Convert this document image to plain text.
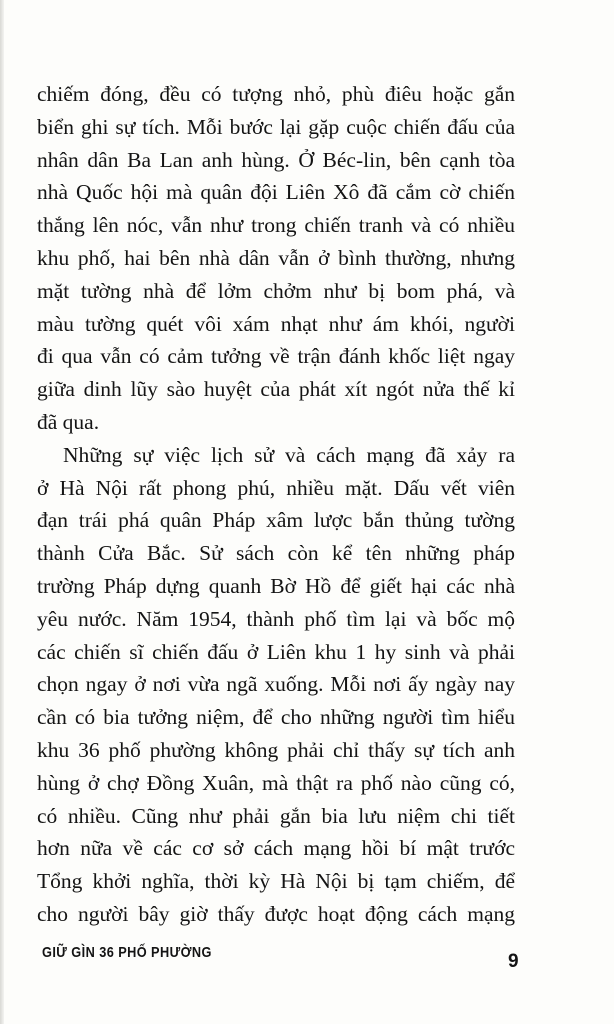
chiếm đóng, đều có tượng nhỏ, phù điêu hoặc gắn
biển ghi sự tích. Mỗi bước lại gặp cuộc chiến đấu của
nhân dân Ba Lan anh hùng. Ở Béc-lin, bên cạnh tòa
nhà Quốc hội mà quân đội Liên Xô đã cắm cờ chiến
thắng lên nóc, vẫn như trong chiến tranh và có nhiều
khu phố, hai bên nhà dân vẫn ở bình thường, nhưng
mặt tường nhà để lởm chởm như bị bom phá, và
màu tường quét vôi xám nhạt như ám khói, người
đi qua vẫn có cảm tưởng về trận đánh khốc liệt ngay
giữa dinh lũy sào huyệt của phát xít ngót nửa thế kỉ
đã qua.
Những sự việc lịch sử và cách mạng đã xảy ra
ở Hà Nội rất phong phú, nhiều mặt. Dấu vết viên
đạn trái phá quân Pháp xâm lược bắn thủng tường
thành Cửa Bắc. Sử sách còn kể tên những pháp
trường Pháp dựng quanh Bờ Hồ để giết hại các nhà
yêu nước. Năm 1954, thành phố tìm lại và bốc mộ
các chiến sĩ chiến đấu ở Liên khu 1 hy sinh và phải
chọn ngay ở nơi vừa ngã xuống. Mỗi nơi ấy ngày nay
cần có bia tưởng niệm, để cho những người tìm hiểu
khu 36 phố phường không phải chỉ thấy sự tích anh
hùng ở chợ Đồng Xuân, mà thật ra phố nào cũng có,
có nhiều. Cũng như phải gắn bia lưu niệm chi tiết
hơn nữa về các cơ sở cách mạng hồi bí mật trước
Tổng khởi nghĩa, thời kỳ Hà Nội bị tạm chiếm, để
cho người bây giờ thấy được hoạt động cách mạng
GIỮ GÌN 36 PHỐ PHƯỜNG	9
